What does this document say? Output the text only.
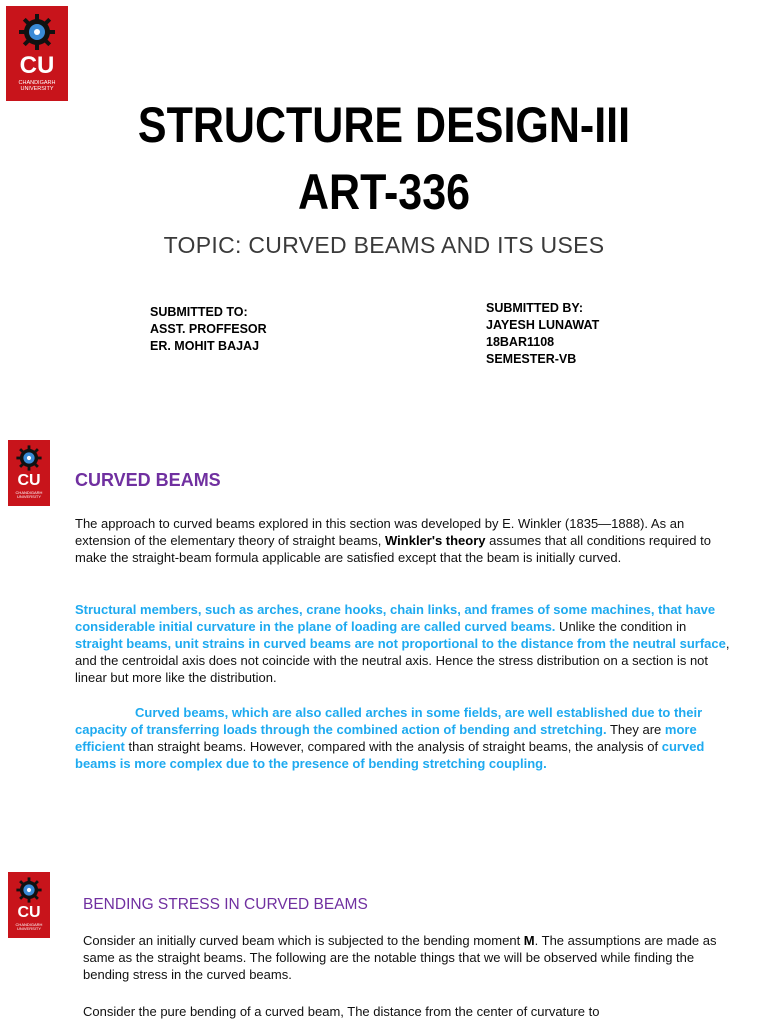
CU
CHANDIGARH
UNIVERSITY
STRUCTURE DESIGN-III
ART-336
TOPIC: CURVED BEAMS AND ITS USES
SUBMITTED TO:
ASST. PROFFESOR
ER. MOHIT BAJAJ
SUBMITTED BY:
JAYESH LUNAWAT
18BAR1108
SEMESTER-VB
CU
CHANDIGARH
UNIVERSITY
CURVED BEAMS
The approach to curved beams explored in this section was developed by E. Winkler (1835—1888). As an extension of the elementary theory of straight beams, Winkler's theory assumes that all conditions required to make the straight-beam formula applicable are satisfied except that the beam is initially curved.
Structural members, such as arches, crane hooks, chain links, and frames of some machines, that have considerable initial curvature in the plane of loading are called curved beams. Unlike the condition in straight beams, unit strains in curved beams are not proportional to the distance from the neutral surface, and the centroidal axis does not coincide with the neutral axis. Hence the stress distribution on a section is not linear but more like the distribution.
Curved beams, which are also called arches in some fields, are well established due to their capacity of transferring loads through the combined action of bending and stretching. They are more efficient than straight beams. However, compared with the analysis of straight beams, the analysis of curved beams is more complex due to the presence of bending stretching coupling.
CU
CHANDIGARH
UNIVERSITY
BENDING STRESS IN CURVED BEAMS
Consider an initially curved beam which is subjected to the bending moment M. The assumptions are made as same as the straight beams. The following are the notable things that we will be observed while finding the bending stress in the curved beams.
Consider the pure bending of a curved beam, The distance from the center of curvature to
